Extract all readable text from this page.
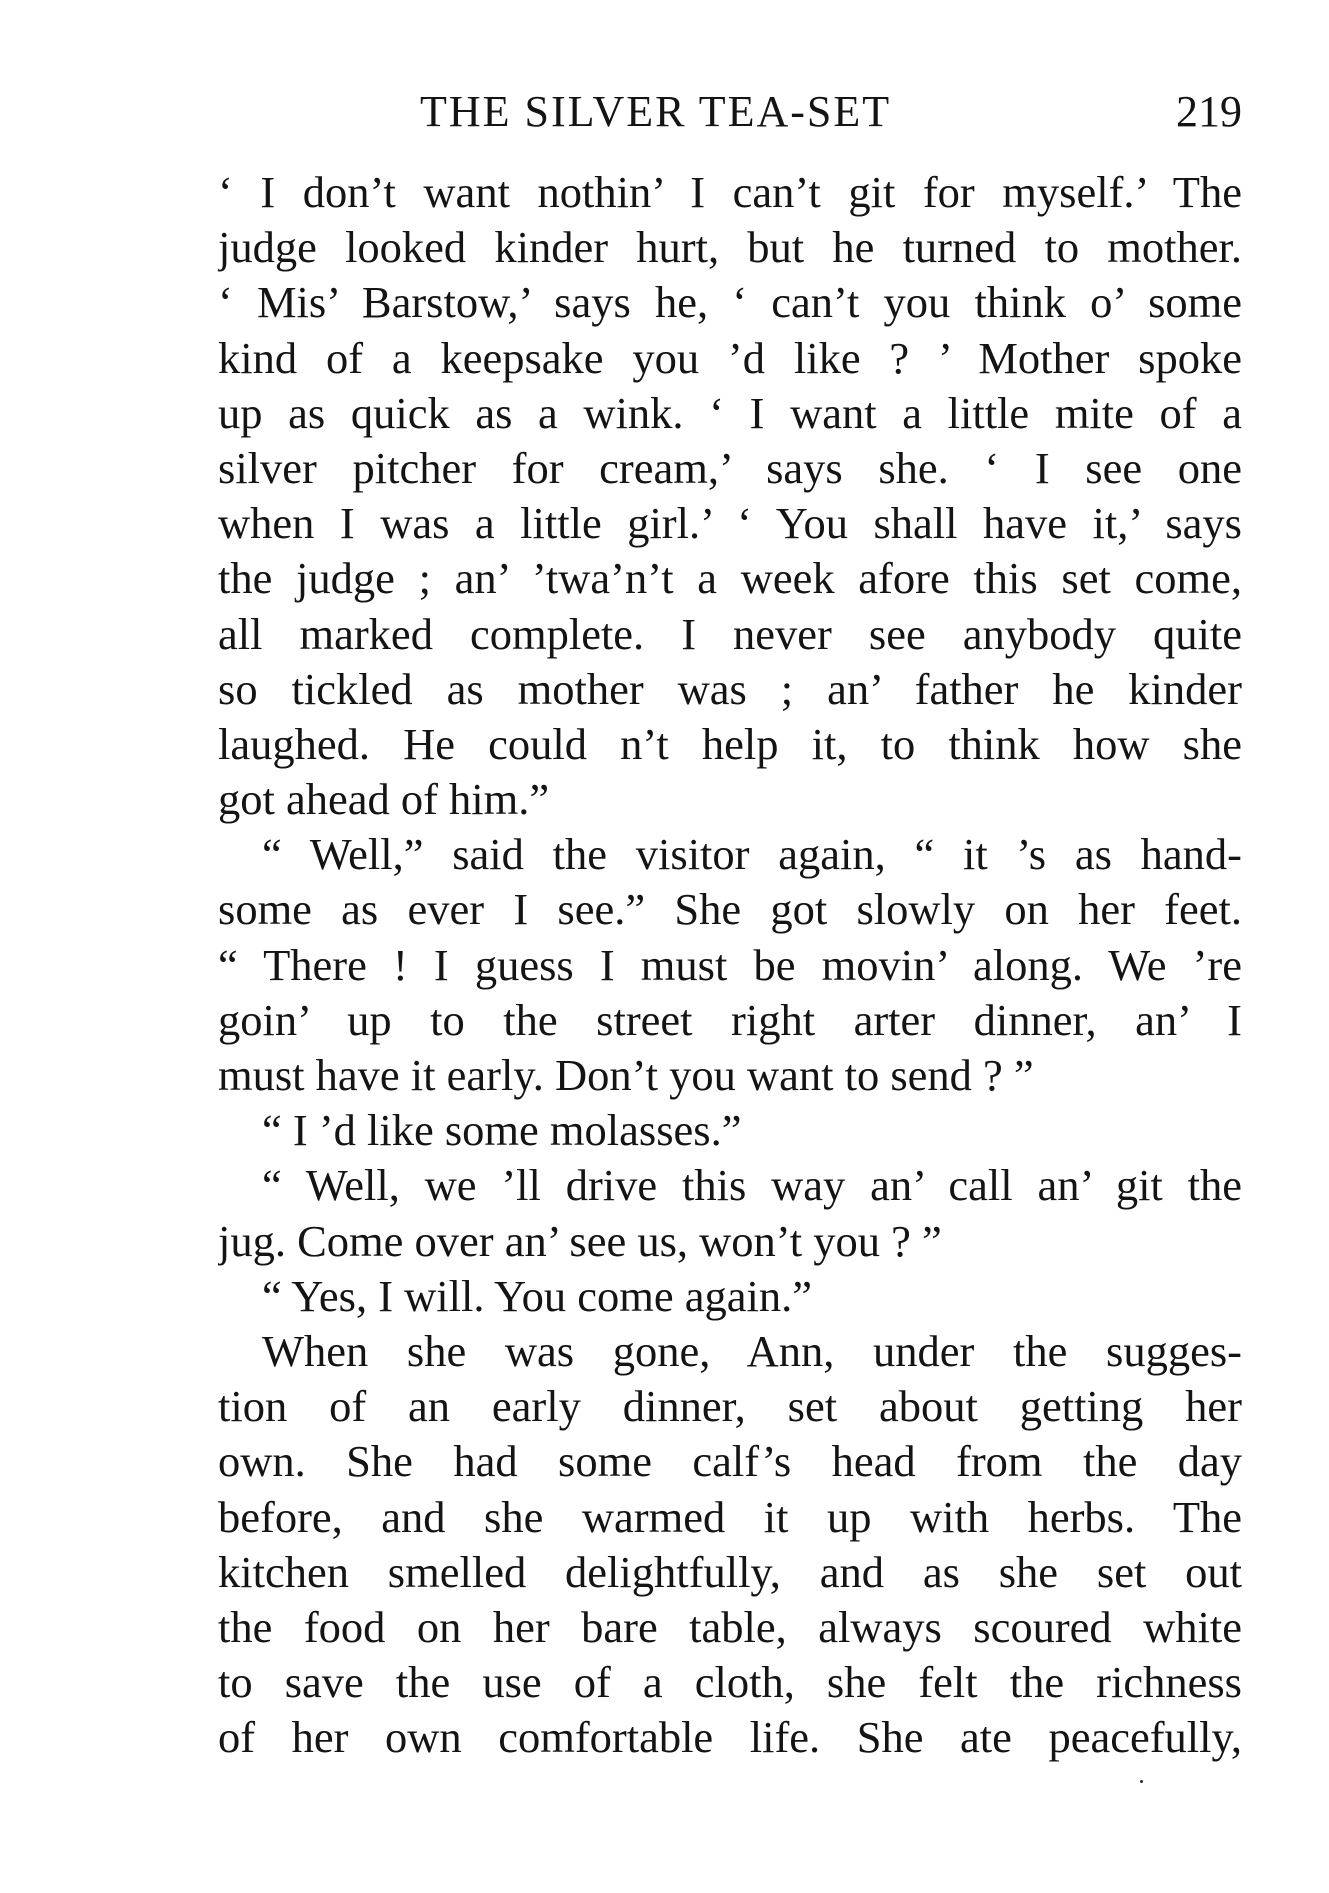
THE SILVER TEA-SET	219
‘ I don’t want nothin’ I can’t git for myself.’ The
judge looked kinder hurt, but he turned to mother.
‘ Mis’ Barstow,’ says he, ‘ can’t you think o’ some
kind of a keepsake you ’d like ? ’ Mother spoke
up as quick as a wink. ‘ I want a little mite of a
silver pitcher for cream,’ says she. ‘ I see one
when I was a little girl.’ ‘ You shall have it,’ says
the judge ; an’ ’twa’n’t a week afore this set come,
all marked complete. I never see anybody quite
so tickled as mother was ; an’ father he kinder
laughed. He could n’t help it, to think how she
got ahead of him.”
“ Well,” said the visitor again, “ it ’s as hand-
some as ever I see.” She got slowly on her feet.
“ There ! I guess I must be movin’ along. We ’re
goin’ up to the street right arter dinner, an’ I
must have it early. Don’t you want to send ? ”
“ I ’d like some molasses.”
“ Well, we ’ll drive this way an’ call an’ git the
jug. Come over an’ see us, won’t you ? ”
“ Yes, I will. You come again.”
When she was gone, Ann, under the sugges-
tion of an early dinner, set about getting her
own. She had some calf’s head from the day
before, and she warmed it up with herbs. The
kitchen smelled delightfully, and as she set out
the food on her bare table, always scoured white
to save the use of a cloth, she felt the richness
of her own comfortable life. She ate peacefully,
